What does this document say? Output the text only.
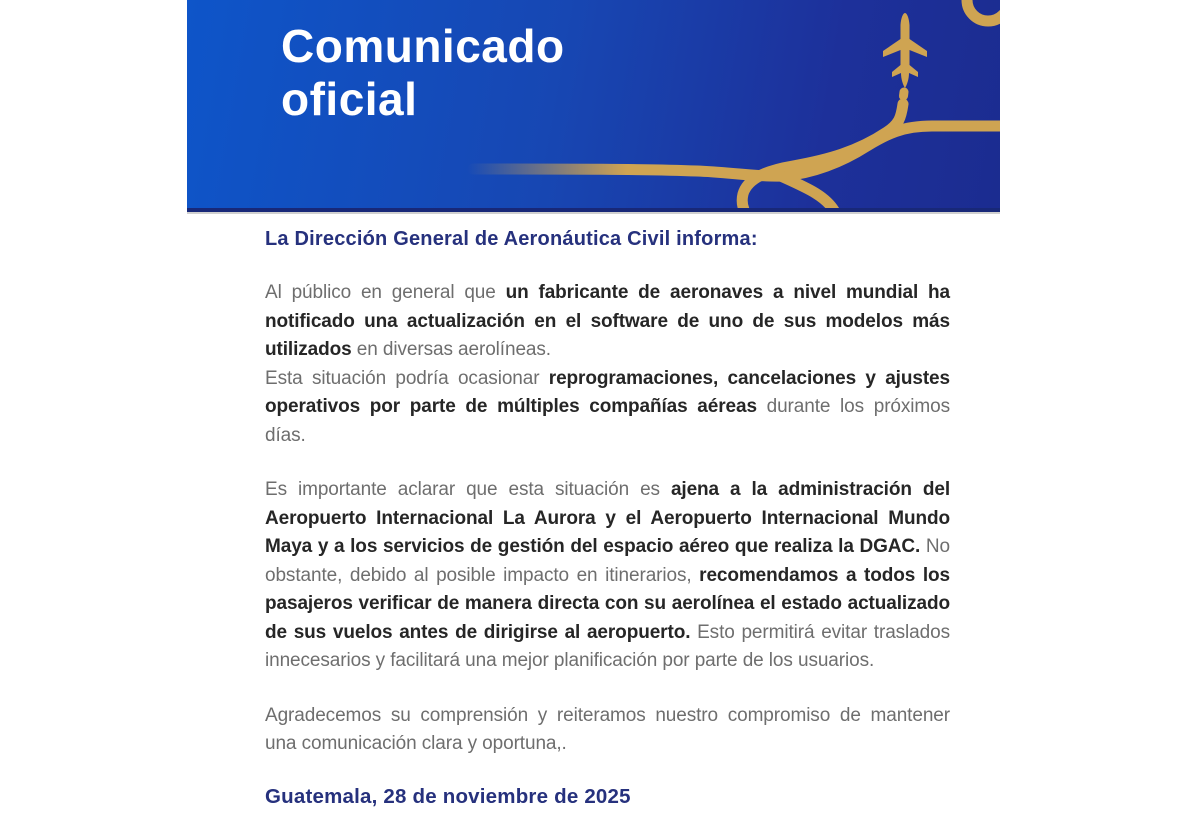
Comunicado
oficial
La Dirección General de Aeronáutica Civil informa:

Al público en general que un fabricante de aeronaves a nivel mundial ha notificado una actualización en el software de uno de sus modelos más utilizados en diversas aerolíneas.

Esta situación podría ocasionar reprogramaciones, cancelaciones y ajustes operativos por parte de múltiples compañías aéreas durante los próximos días.

Es importante aclarar que esta situación es ajena a la administración del Aeropuerto Internacional La Aurora y el Aeropuerto Internacional Mundo Maya y a los servicios de gestión del espacio aéreo que realiza la DGAC. No obstante, debido al posible impacto en itinerarios, recomendamos a todos los pasajeros verificar de manera directa con su aerolínea el estado actualizado de sus vuelos antes de dirigirse al aeropuerto. Esto permitirá evitar traslados innecesarios y facilitará una mejor planificación por parte de los usuarios.

Agradecemos su comprensión y reiteramos nuestro compromiso de mantener una comunicación clara y oportuna,.

Guatemala, 28 de noviembre de 2025
